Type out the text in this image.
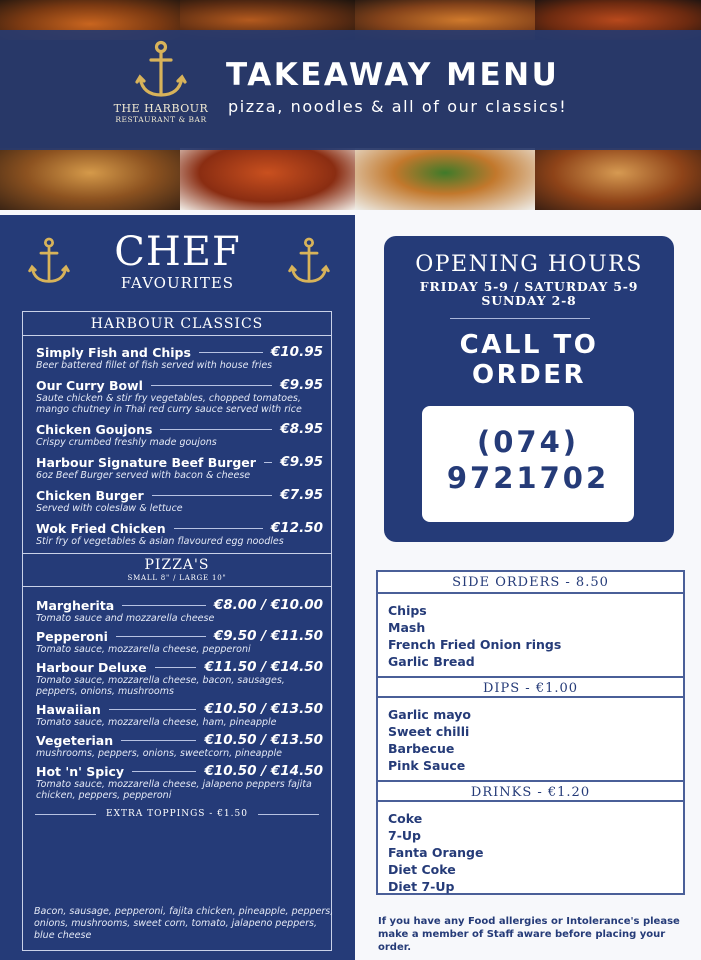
THE HARBOUR
RESTAURANT & BAR
TAKEAWAY MENU
pizza, noodles & all of our classics!
CHEF
FAVOURITES
HARBOUR CLASSICS
Simply Fish and Chips	€10.95
Beer battered fillet of fish served with house fries
Our Curry Bowl	€9.95
Saute chicken & stir fry vegetables, chopped tomatoes, mango chutney in Thai red curry sauce served with rice
Chicken Goujons	€8.95
Crispy crumbed freshly made goujons
Harbour Signature Beef Burger €9.95
6oz Beef Burger served with bacon & cheese
Chicken Burger	€7.95
Served with coleslaw & lettuce
Wok Fried Chicken	€12.50
Stir fry of vegetables & asian flavoured egg noodles
PIZZA'S
SMALL 8" / LARGE 10"
Margherita	€8.00 / €10.00
Tomato sauce and mozzarella cheese
Pepperoni	€9.50 / €11.50
Tomato sauce, mozzarella cheese, pepperoni
Harbour Deluxe	€11.50 / €14.50
Tomato sauce, mozzarella cheese, bacon, sausages, peppers, onions, mushrooms
Hawaiian	€10.50 / €13.50
Tomato sauce, mozzarella cheese, ham, pineapple
Vegeterian	€10.50 / €13.50
mushrooms, peppers, onions, sweetcorn, pineapple
Hot 'n' Spicy	€10.50 / €14.50
Tomato sauce, mozzarella cheese, jalapeno peppers fajita chicken, peppers, pepperoni
EXTRA TOPPINGS - €1.50
Bacon, sausage, pepperoni, fajita chicken, pineapple, peppers, onions, mushrooms, sweet corn, tomato, jalapeno peppers, blue cheese
OPENING HOURS
FRIDAY 5-9 / SATURDAY 5-9
SUNDAY 2-8
CALL TO
ORDER
(074)
9721702
SIDE ORDERS - 8.50
Chips
Mash
French Fried Onion rings
Garlic Bread
DIPS - €1.00
Garlic mayo
Sweet chilli
Barbecue
Pink Sauce
DRINKS - €1.20
Coke
7-Up
Fanta Orange
Diet Coke
Diet 7-Up
If you have any Food allergies or Intolerance's please make a member of Staff aware before placing your order.
